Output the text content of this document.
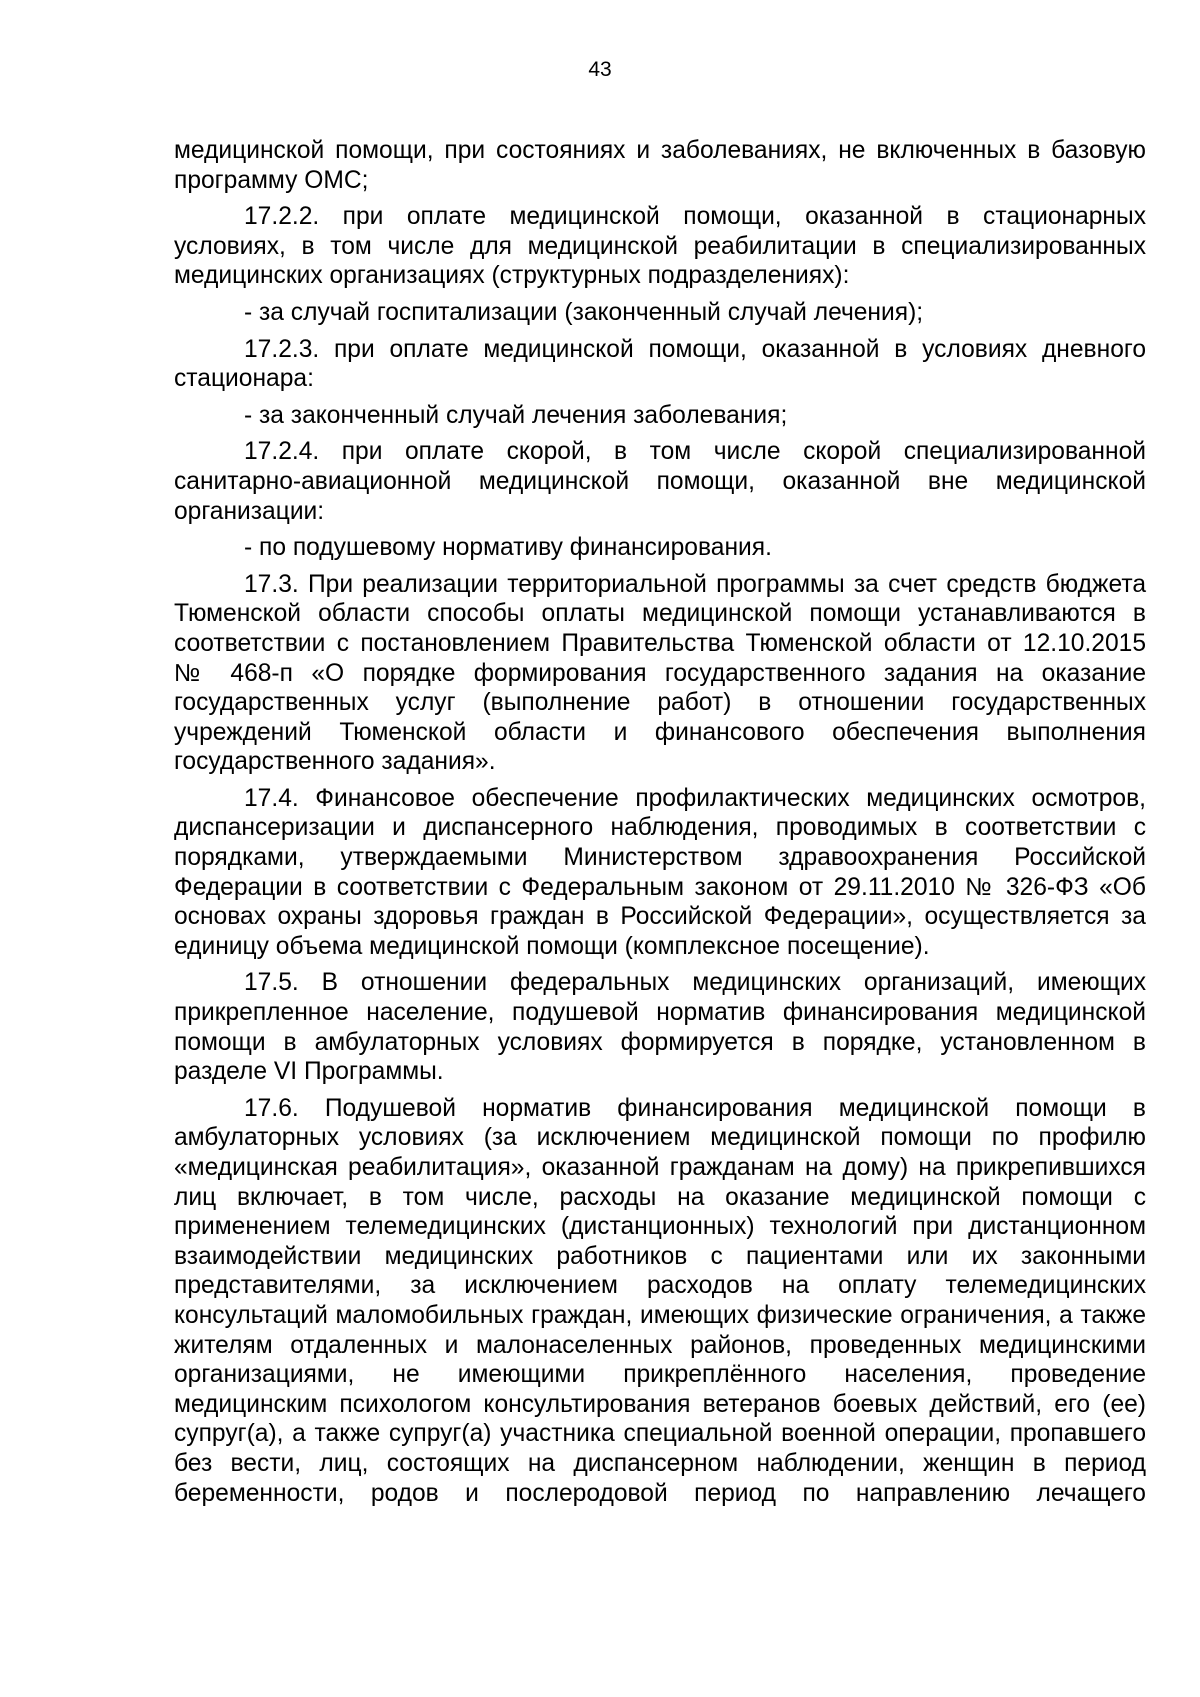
43

медицинской помощи, при состояниях и заболеваниях, не включенных в базовую программу ОМС;

17.2.2. при оплате медицинской помощи, оказанной в стационарных условиях, в том числе для медицинской реабилитации в специализированных медицинских организациях (структурных подразделениях):

- за случай госпитализации (законченный случай лечения);

17.2.3. при оплате медицинской помощи, оказанной в условиях дневного стационара:

- за законченный случай лечения заболевания;

17.2.4. при оплате скорой, в том числе скорой специализированной санитарно-авиационной медицинской помощи, оказанной вне медицинской организации:

- по подушевому нормативу финансирования.

17.3. При реализации территориальной программы за счет средств бюджета Тюменской области способы оплаты медицинской помощи устанавливаются в соответствии с постановлением Правительства Тюменской области от 12.10.2015 № 468-п «О порядке формирования государственного задания на оказание государственных услуг (выполнение работ) в отношении государственных учреждений Тюменской области и финансового обеспечения выполнения государственного задания».

17.4. Финансовое обеспечение профилактических медицинских осмотров, диспансеризации и диспансерного наблюдения, проводимых в соответствии с порядками, утверждаемыми Министерством здравоохранения Российской Федерации в соответствии с Федеральным законом от 29.11.2010 № 326-ФЗ «Об основах охраны здоровья граждан в Российской Федерации», осуществляется за единицу объема медицинской помощи (комплексное посещение).

17.5. В отношении федеральных медицинских организаций, имеющих прикрепленное население, подушевой норматив финансирования медицинской помощи в амбулаторных условиях формируется в порядке, установленном в разделе VI Программы.

17.6. Подушевой норматив финансирования медицинской помощи в амбулаторных условиях (за исключением медицинской помощи по профилю «медицинская реабилитация», оказанной гражданам на дому) на прикрепившихся лиц включает, в том числе, расходы на оказание медицинской помощи с применением телемедицинских (дистанционных) технологий при дистанционном взаимодействии медицинских работников с пациентами или их законными представителями, за исключением расходов на оплату телемедицинских консультаций маломобильных граждан, имеющих физические ограничения, а также жителям отдаленных и малонаселенных районов, проведенных медицинскими организациями, не имеющими прикреплённого населения, проведение медицинским психологом консультирования ветеранов боевых действий, его (ее) супруг(а), а также супруг(а) участника специальной военной операции, пропавшего без вести, лиц, состоящих на диспансерном наблюдении, женщин в период беременности, родов и послеродовой период по направлению лечащего
